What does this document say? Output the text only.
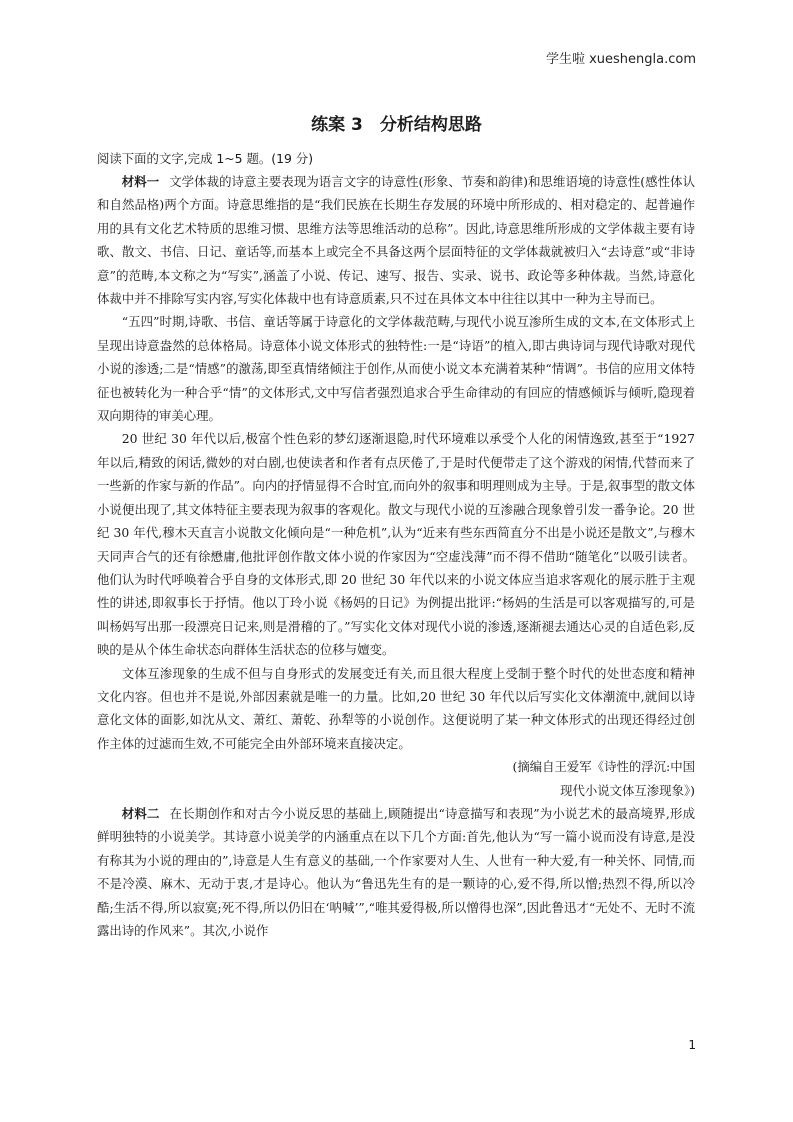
学生啦 xueshengla.com
练案 3　分析结构思路

阅读下面的文字,完成 1~5 题。(19 分)

材料一 文学体裁的诗意主要表现为语言文字的诗意性(形象、节奏和韵律)和思维语境的诗意性(感性体认和自然品格)两个方面。诗意思维指的是“我们民族在长期生存发展的环境中所形成的、相对稳定的、起普遍作用的具有文化艺术特质的思维习惯、思维方法等思维活动的总称”。因此,诗意思维所形成的文学体裁主要有诗歌、散文、书信、日记、童话等,而基本上或完全不具备这两个层面特征的文学体裁就被归入“去诗意”或“非诗意”的范畴,本文称之为“写实”,涵盖了小说、传记、速写、报告、实录、说书、政论等多种体裁。当然,诗意化体裁中并不排除写实内容,写实化体裁中也有诗意质素,只不过在具体文本中往往以其中一种为主导而已。

“五四”时期,诗歌、书信、童话等属于诗意化的文学体裁范畴,与现代小说互渗所生成的文本,在文体形式上呈现出诗意盎然的总体格局。诗意体小说文体形式的独特性:一是“诗语”的植入,即古典诗词与现代诗歌对现代小说的渗透;二是“情感”的激荡,即至真情绪倾注于创作,从而使小说文本充满着某种“情调”。书信的应用文体特征也被转化为一种合乎“情”的文体形式,文中写信者强烈追求合乎生命律动的有回应的情感倾诉与倾听,隐现着双向期待的审美心理。

20 世纪 30 年代以后,极富个性色彩的梦幻逐渐退隐,时代环境难以承受个人化的闲情逸致,甚至于“1927 年以后,精致的闲话,微妙的对白剧,也使读者和作者有点厌倦了,于是时代便带走了这个游戏的闲情,代替而来了一些新的作家与新的作品”。向内的抒情显得不合时宜,而向外的叙事和明理则成为主导。于是,叙事型的散文体小说便出现了,其文体特征主要表现为叙事的客观化。散文与现代小说的互渗融合现象曾引发一番争论。20 世纪 30 年代,穆木天直言小说散文化倾向是“一种危机”,认为“近来有些东西简直分不出是小说还是散文”,与穆木天同声合气的还有徐懋庸,他批评创作散文体小说的作家因为“空虚浅薄”而不得不借助“随笔化”以吸引读者。他们认为时代呼唤着合乎自身的文体形式,即 20 世纪 30 年代以来的小说文体应当追求客观化的展示胜于主观性的讲述,即叙事长于抒情。他以丁玲小说《杨妈的日记》为例提出批评:“杨妈的生活是可以客观描写的,可是叫杨妈写出那一段漂亮日记来,则是滑稽的了。”写实化文体对现代小说的渗透,逐渐褪去通达心灵的自适色彩,反映的是从个体生命状态向群体生活状态的位移与嬗变。

文体互渗现象的生成不但与自身形式的发展变迁有关,而且很大程度上受制于整个时代的处世态度和精神文化内容。但也并不是说,外部因素就是唯一的力量。比如,20 世纪 30 年代以后写实化文体潮流中,就间以诗意化文体的面影,如沈从文、萧红、萧乾、孙犁等的小说创作。这便说明了某一种文体形式的出现还得经过创作主体的过滤而生效,不可能完全由外部环境来直接决定。

(摘编自王爱军《诗性的浮沉:中国

现代小说文体互渗现象》)

材料二 在长期创作和对古今小说反思的基础上,顾随提出“诗意描写和表现”为小说艺术的最高境界,形成鲜明独特的小说美学。其诗意小说美学的内涵重点在以下几个方面:首先,他认为“写一篇小说而没有诗意,是没有称其为小说的理由的”,诗意是人生有意义的基础,一个作家要对人生、人世有一种大爱,有一种关怀、同情,而不是冷漠、麻木、无动于衷,才是诗心。他认为“鲁迅先生有的是一颗诗的心,爱不得,所以憎;热烈不得,所以冷酷;生活不得,所以寂寞;死不得,所以仍旧在‘呐喊’”,“唯其爱得极,所以憎得也深”,因此鲁迅才“无处不、无时不流露出诗的作风来”。其次,小说作

1
